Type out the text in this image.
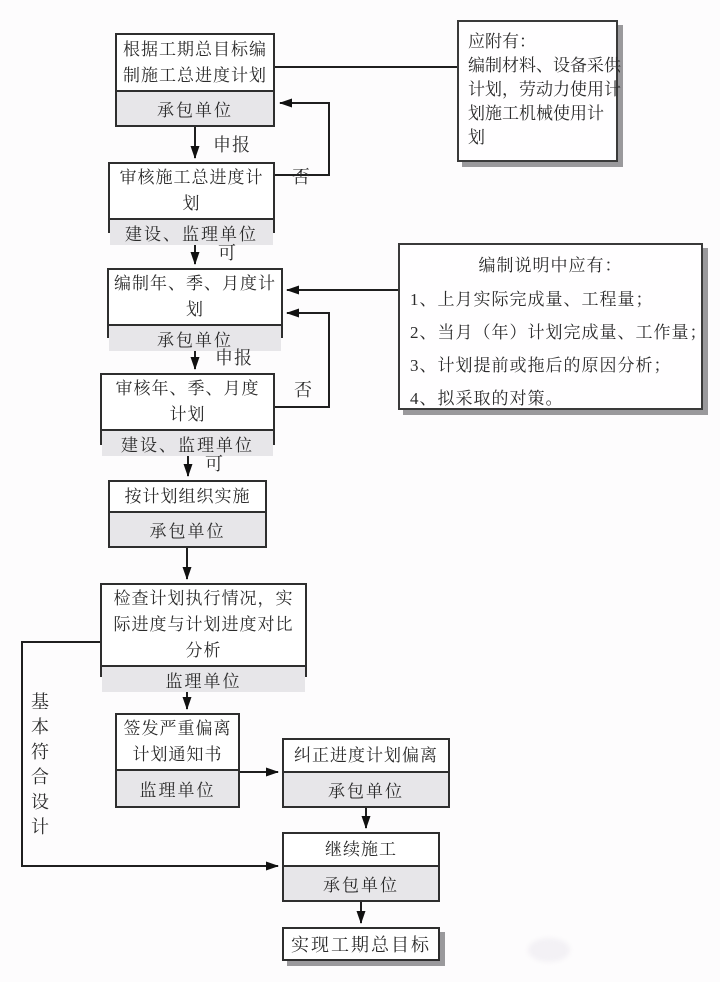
根据工期总目标编制施工总进度计划
承包单位
审核施工总进度计划
建设、监理单位
编制年、季、月度计划
承包单位
审核年、季、月度计划
建设、监理单位
按计划组织实施
承包单位
检查计划执行情况，实际进度与计划进度对比分析
监理单位
签发严重偏离计划通知书
监理单位
纠正进度计划偏离
承包单位
继续施工
承包单位
实现工期总目标
应附有：
编制材料、设备采供
计划，劳动力使用计
划施工机械使用计
划
编制说明中应有：
1、上月实际完成量、工程量；
2、当月（年）计划完成量、工作量；
3、计划提前或拖后的原因分析；
4、拟采取的对策。
申报
否
可
申报
否
可
基本符合设计
